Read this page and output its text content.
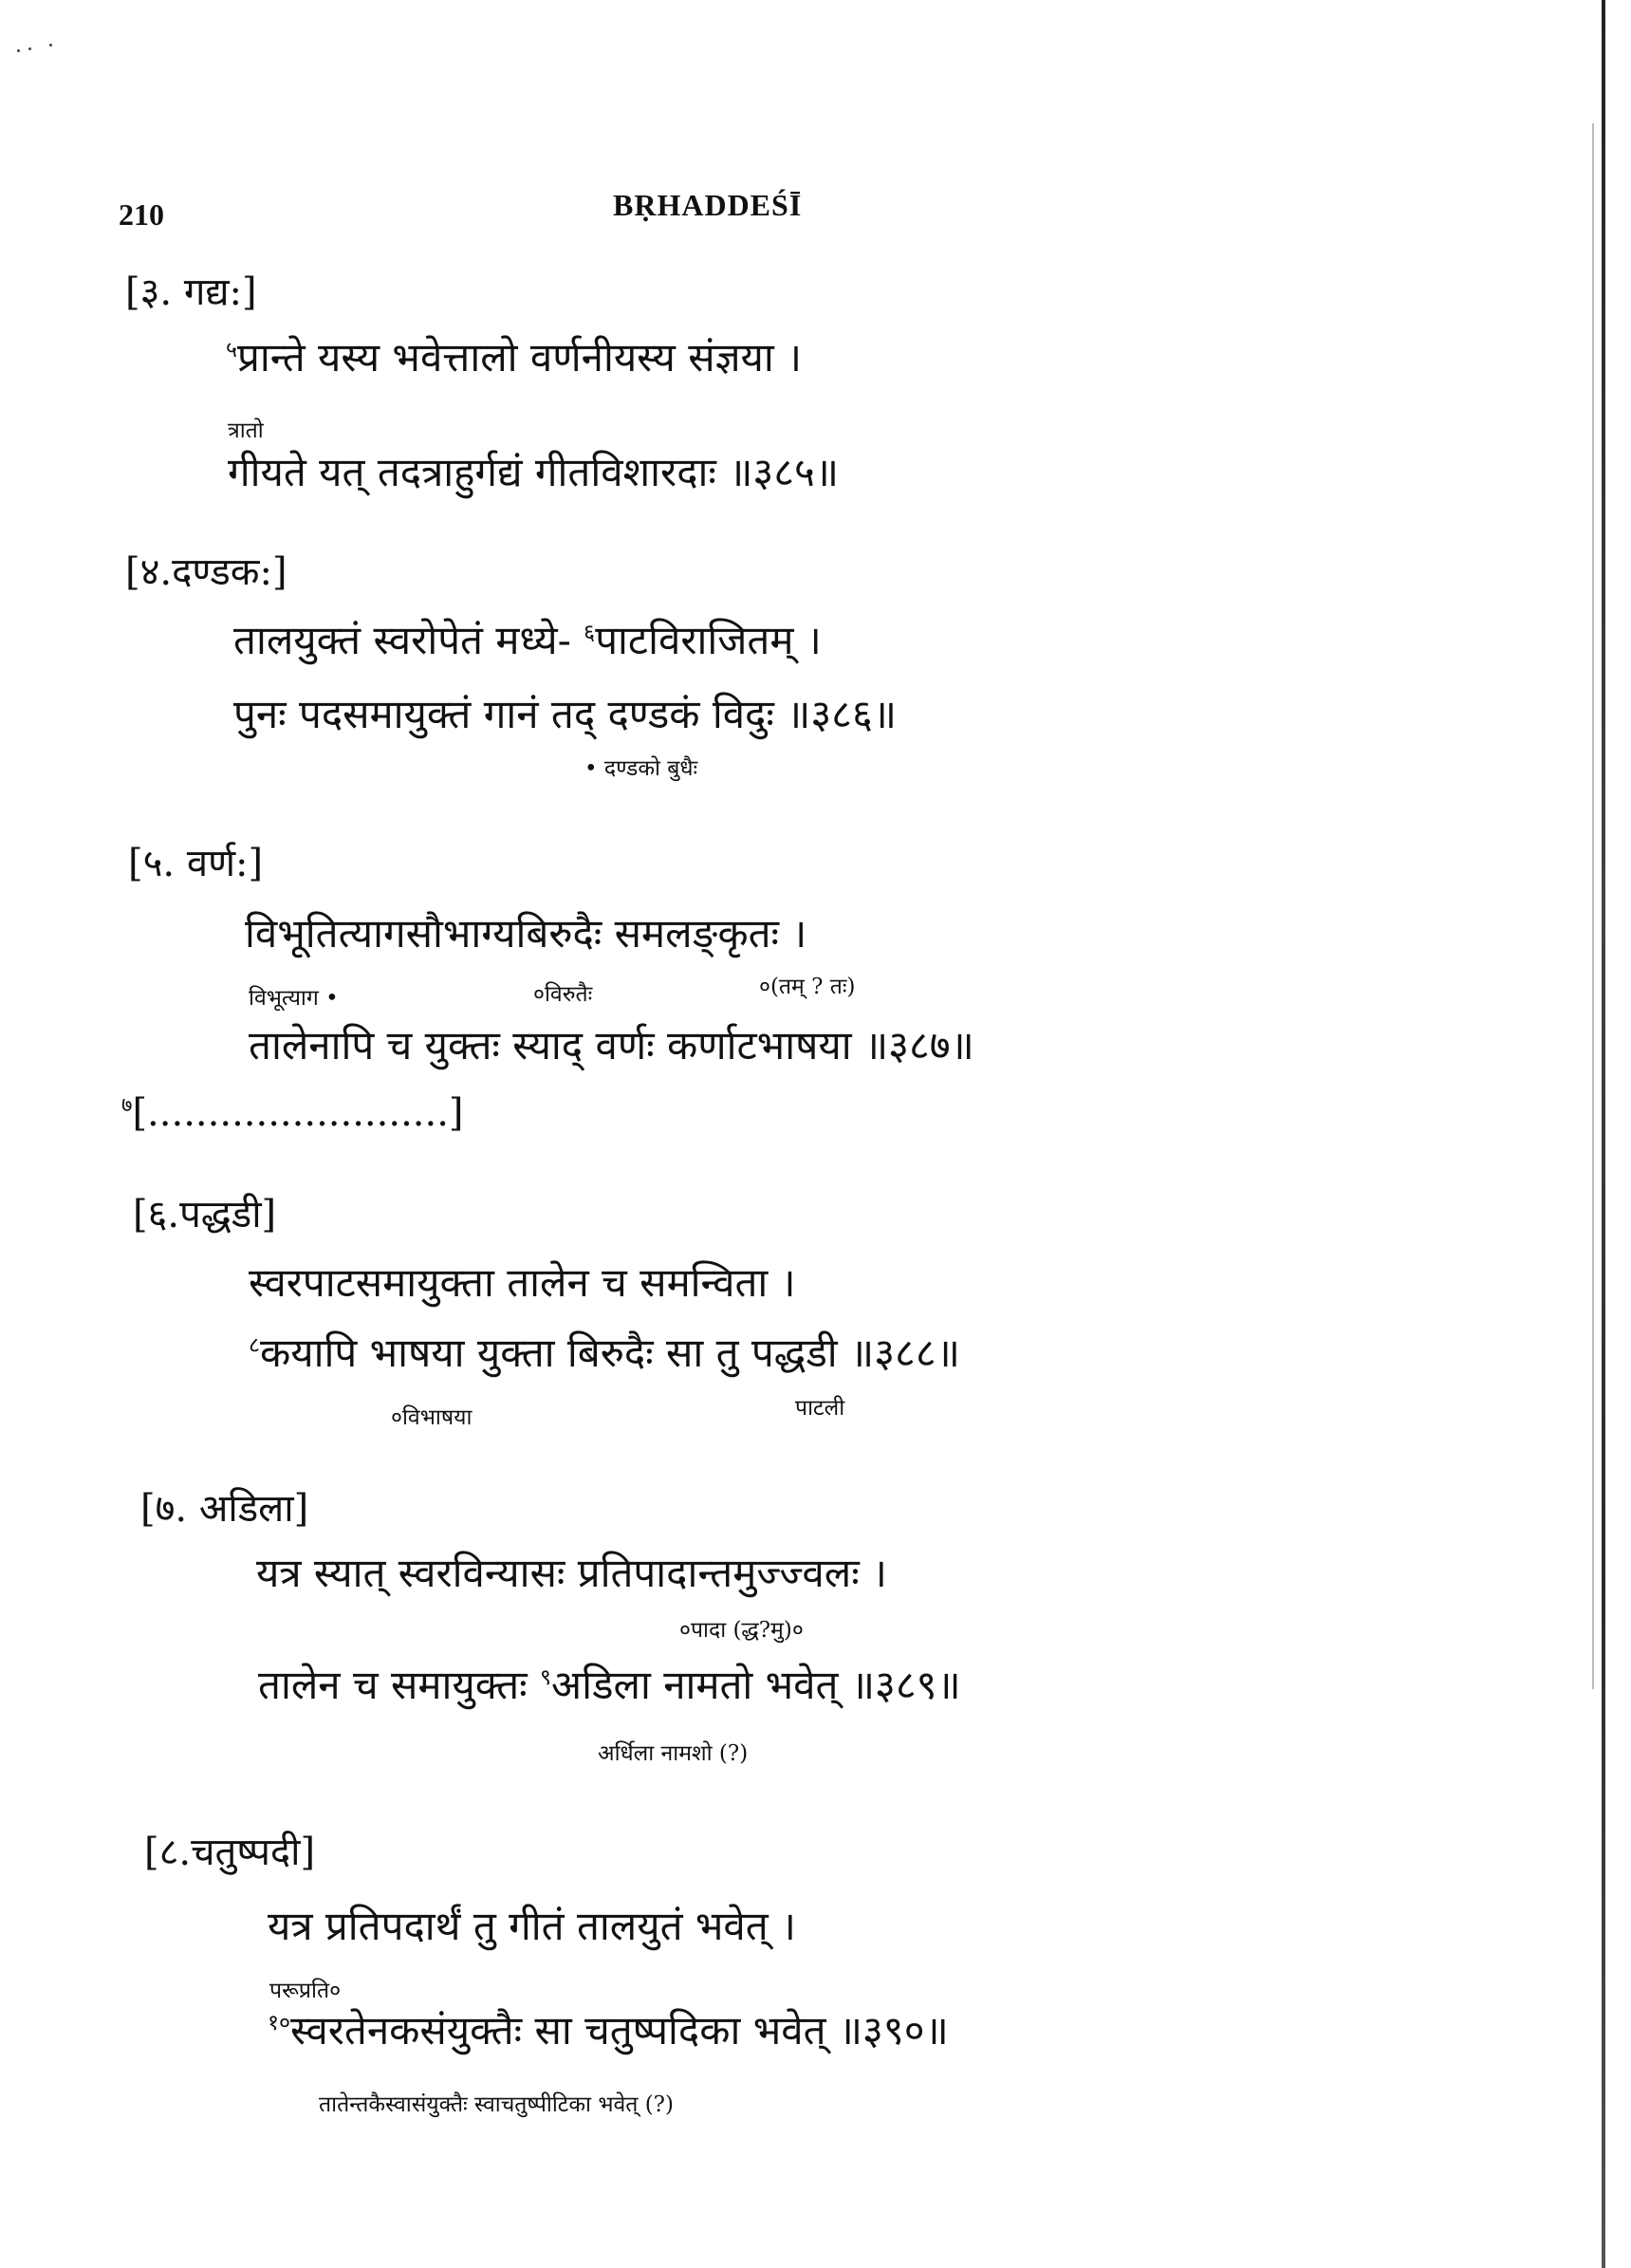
210	BṚHADDEŚĪ
[३. गद्य:]
$^५$प्रान्ते यस्य भवेत्तालो वर्णनीयस्य संज्ञया ।
त्रातो
गीयते यत् तदत्राहुर्गद्यं गीतविशारदाः ॥३८५॥
[४.दण्डक:]
तालयुक्तं स्वरोपेतं मध्ये- $^६$पाटविराजितम् ।
पुनः पदसमायुक्तं गानं तद् दण्डकं विदुः ॥३८६॥
• दण्डको बुधैः
[५. वर्ण:]
विभूतित्यागसौभाग्यबिरुदैः समलङ्कृतः ।
विभूत्याग •	०विरुतैः	०(तम् ? तः)
तालेनापि च युक्तः स्याद् वर्णः कर्णाटभाषया ॥३८७॥
$^७$[.........................]
[६.पद्धडी]
स्वरपाटसमायुक्ता तालेन च समन्विता ।
$^८$कयापि भाषया युक्ता बिरुदैः सा तु पद्धडी ॥३८८॥
०विभाषया	पाटली
[७. अडिला]
यत्र स्यात् स्वरविन्यासः प्रतिपादान्तमुज्ज्वलः ।
०पादा (द्ध?मु)०
तालेन च समायुक्तः $^९$अडिला नामतो भवेत् ॥३८९॥
अर्धिला नामशो (?)
[८.चतुष्पदी]
यत्र प्रतिपदार्थं तु गीतं तालयुतं भवेत् ।
परूप्रति०
$^{१०}$स्वरतेनकसंयुक्तैः सा चतुष्पदिका भवेत् ॥३९०॥
तातेन्तकैस्वासंयुक्तैः स्वाचतुष्पीटिका भवेत् (?)
